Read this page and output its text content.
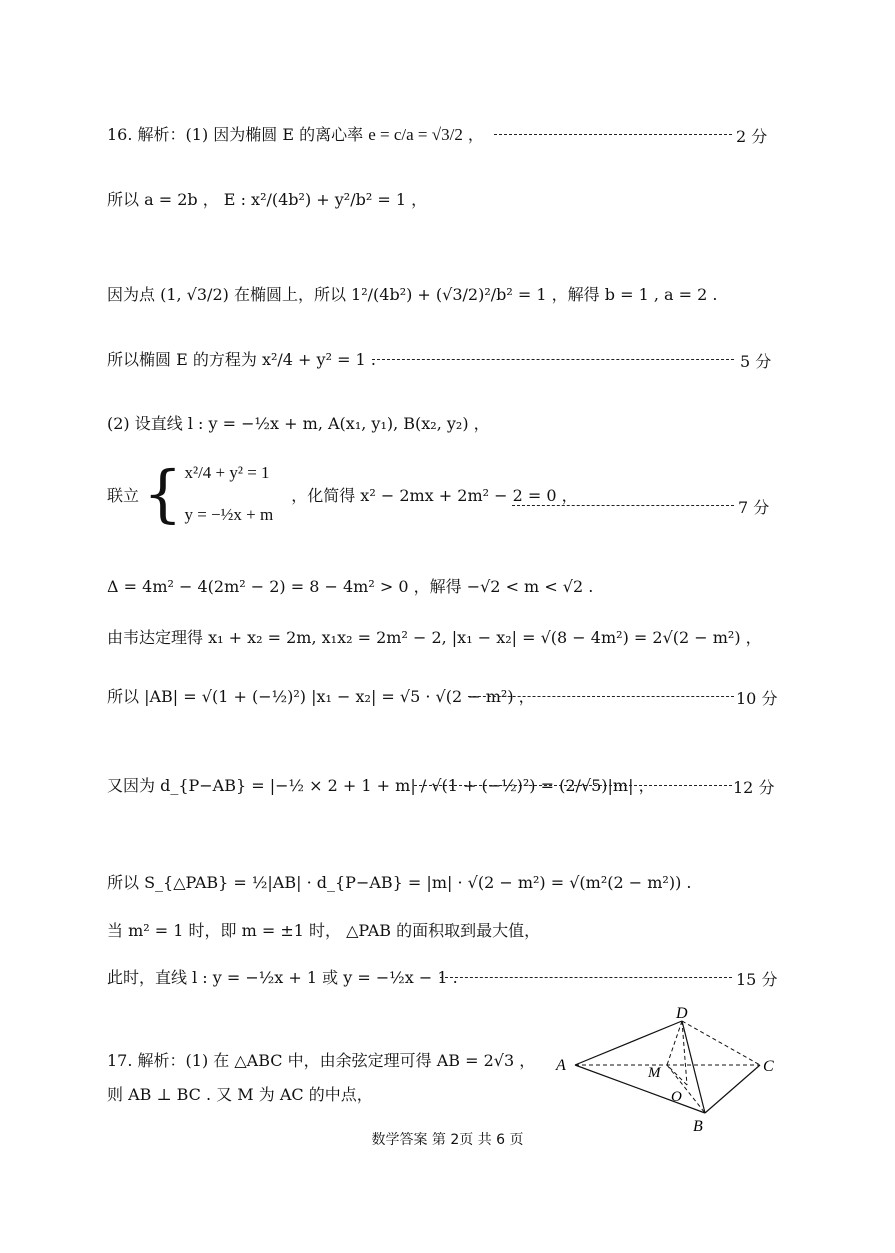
16. 解析：(1) 因为椭圆 E 的离心率 e = c/a = √3/2 ，	2 分
所以 a = 2b ， E : x²/(4b²) + y²/b² = 1 ，
因为点 (1, √3/2) 在椭圆上，所以 1²/(4b²) + (√3/2)²/b² = 1 ，解得 b = 1 , a = 2 .
所以椭圆 E 的方程为 x²/4 + y² = 1 .	5 分
(2) 设直线 l : y = −½x + m, A(x₁, y₁), B(x₂, y₂) ，
联立 { x²/4 + y² = 1
y = −½x + m
，化简得 x² − 2mx + 2m² − 2 = 0 ，
7 分
Δ = 4m² − 4(2m² − 2) = 8 − 4m² > 0 ，解得 −√2 < m < √2 .
由韦达定理得 x₁ + x₂ = 2m, x₁x₂ = 2m² − 2, |x₁ − x₂| = √(8 − 4m²) = 2√(2 − m²) ，
所以 |AB| = √(1 + (−½)²) |x₁ − x₂| = √5 · √(2 − m²) ，	10 分
又因为 d_{P−AB} = |−½ × 2 + 1 + m| / √(1 + (−½)²) = (2/√5)|m| ，	12 分
所以 S_{△PAB} = ½|AB| · d_{P−AB} = |m| · √(2 − m²) = √(m²(2 − m²)) .
当 m² = 1 时，即 m = ±1 时， △PAB 的面积取到最大值，
此时，直线 l : y = −½x + 1 或 y = −½x − 1 .	15 分
17. 解析：(1) 在 △ABC 中，由余弦定理可得 AB = 2√3 ，
则 AB ⊥ BC . 又 M 为 AC 的中点，
A
D
C
B
M
O
数学答案 第 2页 共 6 页
